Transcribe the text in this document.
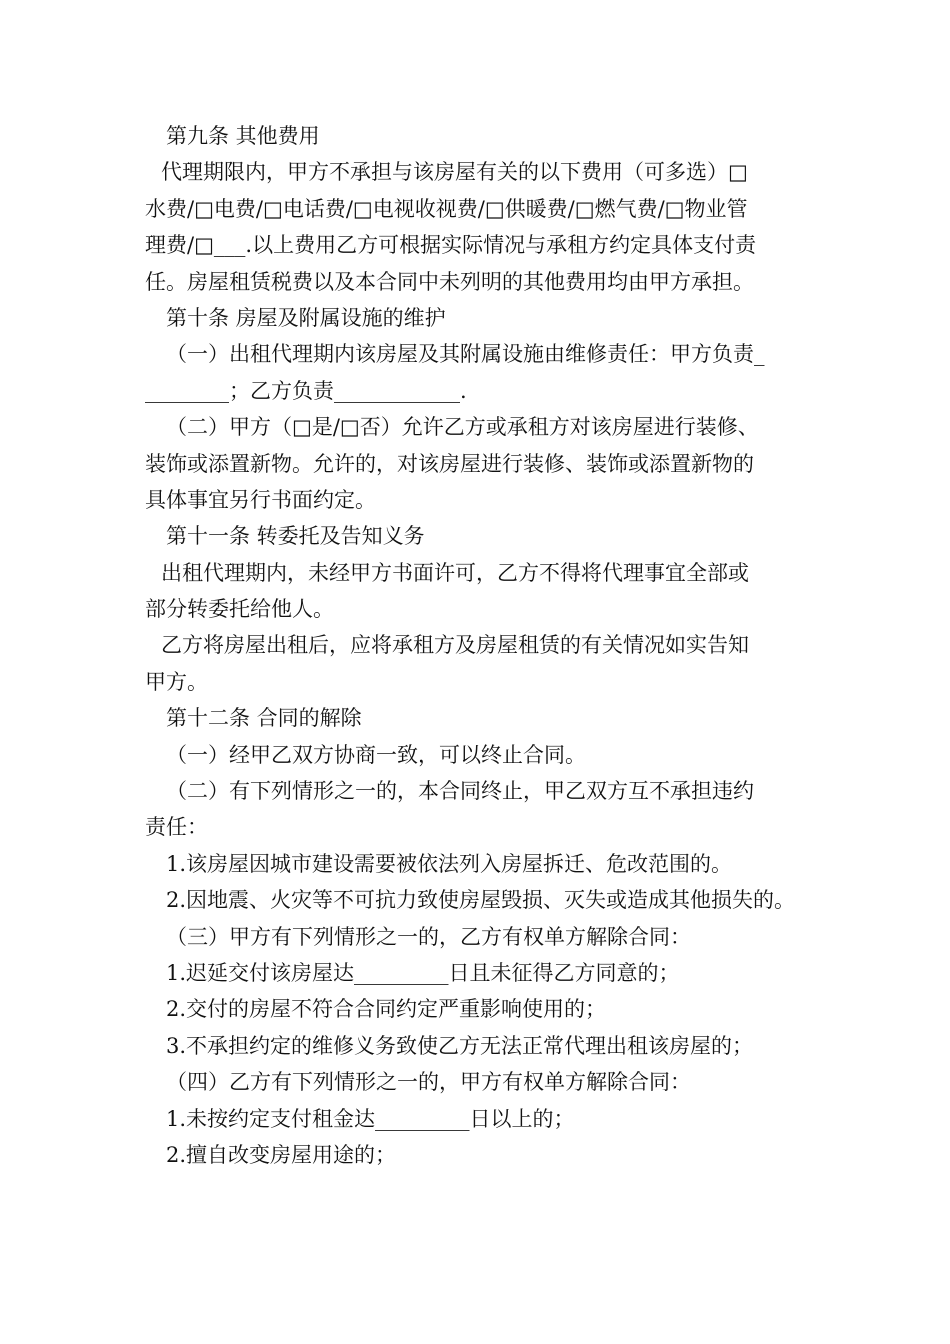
第九条 其他费用
代理期限内，甲方不承担与该房屋有关的以下费用（可多选）□
水费/□电费/□电话费/□电视收视费/□供暖费/□燃气费/□物业管
理费/□___.以上费用乙方可根据实际情况与承租方约定具体支付责
任。房屋租赁税费以及本合同中未列明的其他费用均由甲方承担。
第十条 房屋及附属设施的维护
（一）出租代理期内该房屋及其附属设施由维修责任：甲方负责_
________；乙方负责____________.
（二）甲方（□是/□否）允许乙方或承租方对该房屋进行装修、
装饰或添置新物。允许的，对该房屋进行装修、装饰或添置新物的
具体事宜另行书面约定。
第十一条 转委托及告知义务
出租代理期内，未经甲方书面许可，乙方不得将代理事宜全部或
部分转委托给他人。
乙方将房屋出租后，应将承租方及房屋租赁的有关情况如实告知
甲方。
第十二条 合同的解除
（一）经甲乙双方协商一致，可以终止合同。
（二）有下列情形之一的，本合同终止，甲乙双方互不承担违约
责任：
1.该房屋因城市建设需要被依法列入房屋拆迁、危改范围的。
2.因地震、火灾等不可抗力致使房屋毁损、灭失或造成其他损失的。
（三）甲方有下列情形之一的，乙方有权单方解除合同：
1.迟延交付该房屋达_________日且未征得乙方同意的；
2.交付的房屋不符合合同约定严重影响使用的；
3.不承担约定的维修义务致使乙方无法正常代理出租该房屋的；
（四）乙方有下列情形之一的，甲方有权单方解除合同：
1.未按约定支付租金达_________日以上的；
2.擅自改变房屋用途的；
